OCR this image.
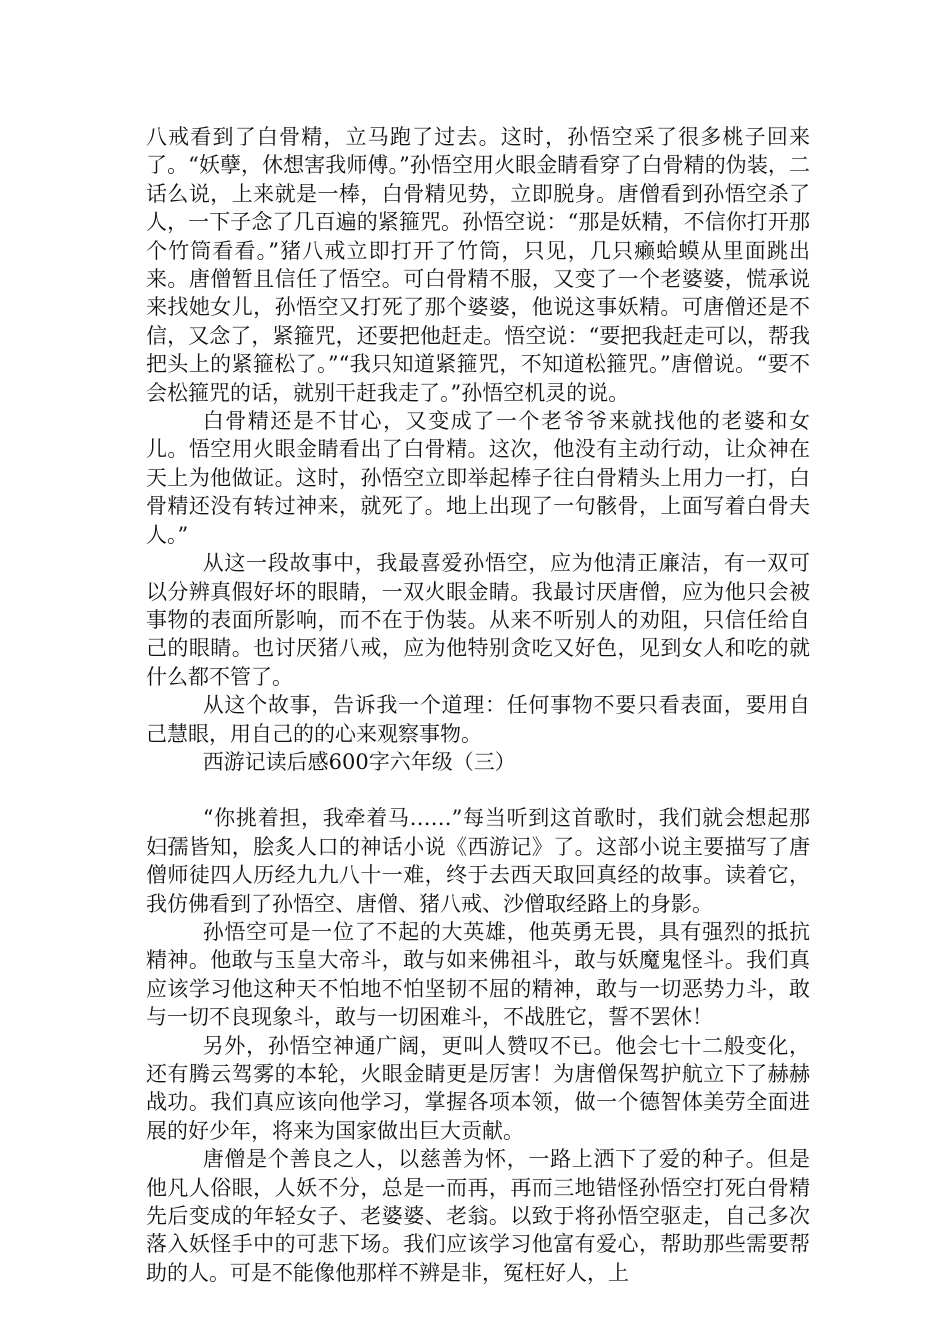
八戒看到了白骨精，立马跑了过去。这时，孙悟空采了很多桃子回来了。“妖孽，休想害我师傅。”孙悟空用火眼金睛看穿了白骨精的伪装，二话么说，上来就是一棒，白骨精见势，立即脱身。唐僧看到孙悟空杀了人，一下子念了几百遍的紧箍咒。孙悟空说：“那是妖精，不信你打开那个竹筒看看。”猪八戒立即打开了竹筒，只见，几只癞蛤蟆从里面跳出来。唐僧暂且信任了悟空。可白骨精不服，又变了一个老婆婆，慌承说来找她女儿，孙悟空又打死了那个婆婆，他说这事妖精。可唐僧还是不信，又念了，紧箍咒，还要把他赶走。悟空说：“要把我赶走可以，帮我把头上的紧箍松了。”“我只知道紧箍咒，不知道松箍咒。”唐僧说。“要不会松箍咒的话，就别干赶我走了。”孙悟空机灵的说。

白骨精还是不甘心，又变成了一个老爷爷来就找他的老婆和女儿。悟空用火眼金睛看出了白骨精。这次，他没有主动行动，让众神在天上为他做证。这时，孙悟空立即举起棒子往白骨精头上用力一打，白骨精还没有转过神来，就死了。地上出现了一句骸骨，上面写着白骨夫人。”

从这一段故事中，我最喜爱孙悟空，应为他清正廉洁，有一双可以分辨真假好坏的眼睛，一双火眼金睛。我最讨厌唐僧，应为他只会被事物的表面所影响，而不在于伪装。从来不听别人的劝阻，只信任给自己的眼睛。也讨厌猪八戒，应为他特别贪吃又好色，见到女人和吃的就什么都不管了。

从这个故事，告诉我一个道理：任何事物不要只看表面，要用自己慧眼，用自己的的心来观察事物。

西游记读后感600字六年级（三）

“你挑着担，我牵着马……”每当听到这首歌时，我们就会想起那妇孺皆知，脍炙人口的神话小说《西游记》了。这部小说主要描写了唐僧师徒四人历经九九八十一难，终于去西天取回真经的故事。读着它，我仿佛看到了孙悟空、唐僧、猪八戒、沙僧取经路上的身影。

孙悟空可是一位了不起的大英雄，他英勇无畏，具有强烈的抵抗精神。他敢与玉皇大帝斗，敢与如来佛祖斗，敢与妖魔鬼怪斗。我们真应该学习他这种天不怕地不怕坚韧不屈的精神，敢与一切恶势力斗，敢与一切不良现象斗，敢与一切困难斗，不战胜它，誓不罢休！

另外，孙悟空神通广阔，更叫人赞叹不已。他会七十二般变化，还有腾云驾雾的本轮，火眼金睛更是厉害！为唐僧保驾护航立下了赫赫战功。我们真应该向他学习，掌握各项本领，做一个德智体美劳全面进展的好少年，将来为国家做出巨大贡献。

唐僧是个善良之人，以慈善为怀，一路上洒下了爱的种子。但是他凡人俗眼，人妖不分，总是一而再，再而三地错怪孙悟空打死白骨精先后变成的年轻女子、老婆婆、老翁。以致于将孙悟空驱走，自己多次落入妖怪手中的可悲下场。我们应该学习他富有爱心，帮助那些需要帮助的人。可是不能像他那样不辨是非，冤枉好人，上
